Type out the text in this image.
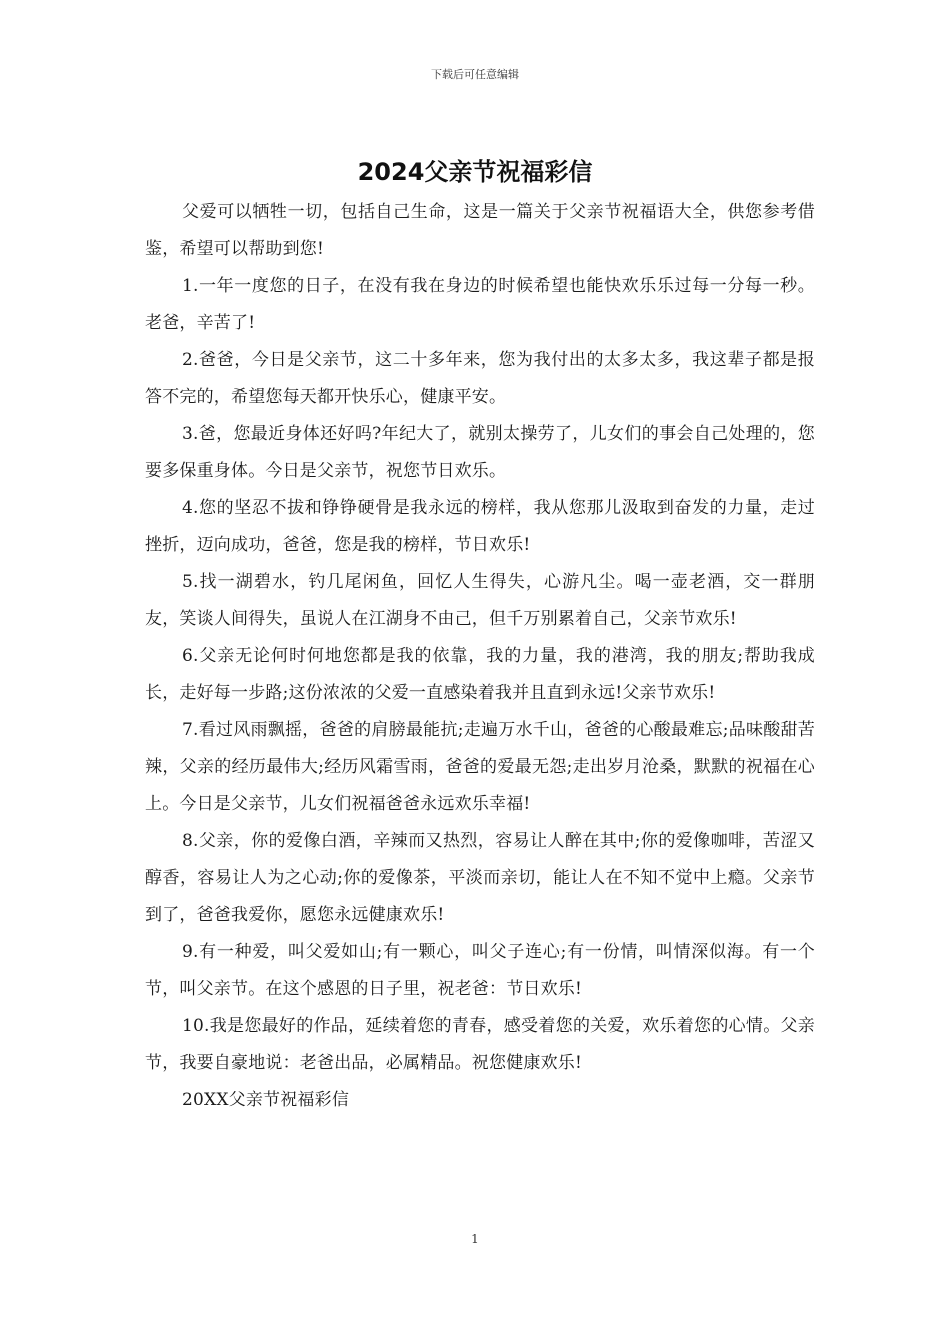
下载后可任意编辑
2024父亲节祝福彩信

父爱可以牺牲一切，包括自己生命，这是一篇关于父亲节祝福语大全，供您参考借鉴，希望可以帮助到您!

1.一年一度您的日子，在没有我在身边的时候希望也能快欢乐乐过每一分每一秒。老爸，辛苦了!

2.爸爸，今日是父亲节，这二十多年来，您为我付出的太多太多，我这辈子都是报答不完的，希望您每天都开快乐心，健康平安。

3.爸，您最近身体还好吗?年纪大了，就别太操劳了，儿女们的事会自己处理的，您要多保重身体。今日是父亲节，祝您节日欢乐。

4.您的坚忍不拔和铮铮硬骨是我永远的榜样，我从您那儿汲取到奋发的力量，走过挫折，迈向成功，爸爸，您是我的榜样，节日欢乐!

5.找一湖碧水，钓几尾闲鱼，回忆人生得失，心游凡尘。喝一壶老酒，交一群朋友，笑谈人间得失，虽说人在江湖身不由己，但千万别累着自己，父亲节欢乐!

6.父亲无论何时何地您都是我的依靠，我的力量，我的港湾，我的朋友;帮助我成长，走好每一步路;这份浓浓的父爱一直感染着我并且直到永远!父亲节欢乐!

7.看过风雨飘摇，爸爸的肩膀最能抗;走遍万水千山，爸爸的心酸最难忘;品味酸甜苦辣，父亲的经历最伟大;经历风霜雪雨，爸爸的爱最无怨;走出岁月沧桑，默默的祝福在心上。今日是父亲节，儿女们祝福爸爸永远欢乐幸福!

8.父亲，你的爱像白酒，辛辣而又热烈，容易让人醉在其中;你的爱像咖啡，苦涩又醇香，容易让人为之心动;你的爱像茶，平淡而亲切，能让人在不知不觉中上瘾。父亲节到了，爸爸我爱你，愿您永远健康欢乐!

9.有一种爱，叫父爱如山;有一颗心，叫父子连心;有一份情，叫情深似海。有一个节，叫父亲节。在这个感恩的日子里，祝老爸：节日欢乐!

10.我是您最好的作品，延续着您的青春，感受着您的关爱，欢乐着您的心情。父亲节，我要自豪地说：老爸出品，必属精品。祝您健康欢乐!

20XX父亲节祝福彩信

1
